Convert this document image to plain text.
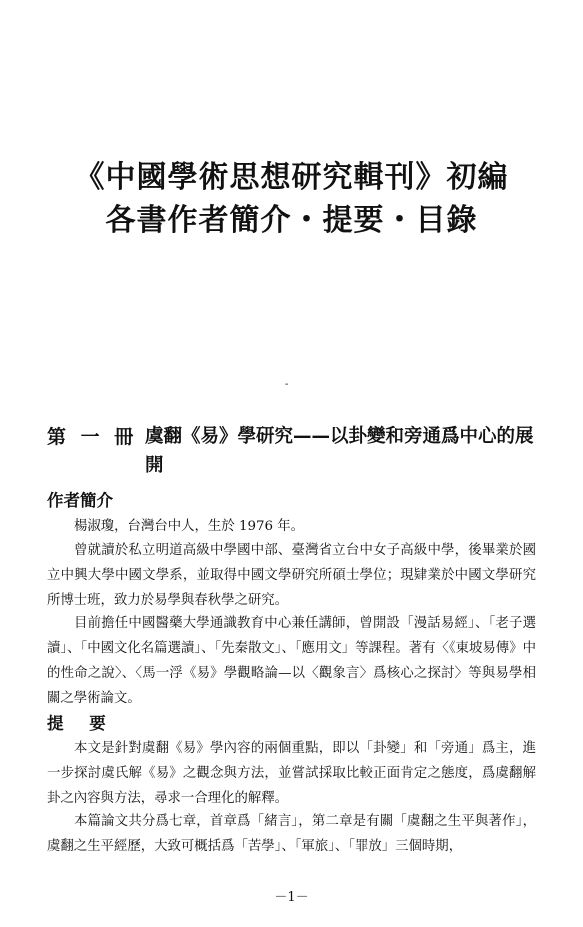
《中國學術思想研究輯刊》初編
各書作者簡介・提要・目錄
-
第 一 冊 虞翻《易》學研究——以卦變和旁通爲中心的展開
作者簡介

楊淑瓊，台灣台中人，生於 1976 年。

曾就讀於私立明道高級中學國中部、臺灣省立台中女子高級中學，後畢業於國立中興大學中國文學系，並取得中國文學研究所碩士學位；現肄業於中國文學研究所博士班，致力於易學與春秋學之研究。

目前擔任中國醫藥大學通識教育中心兼任講師，曾開設「漫話易經」、「老子選讀」、「中國文化名篇選讀」、「先秦散文」、「應用文」等課程。著有〈《東坡易傳》中的性命之說〉、〈馬一浮《易》學觀略論—以〈觀象言〉爲核心之探討〉等與易學相關之學術論文。

提 要

本文是針對虞翻《易》學內容的兩個重點，即以「卦變」和「旁通」爲主，進一步探討虞氏解《易》之觀念與方法，並嘗試採取比較正面肯定之態度，爲虞翻解卦之內容與方法，尋求一合理化的解釋。

本篇論文共分爲七章，首章爲「緒言」，第二章是有關「虞翻之生平與著作」，虞翻之生平經歷，大致可概括爲「苦學」、「軍旅」、「罪放」三個時期，

－1－
